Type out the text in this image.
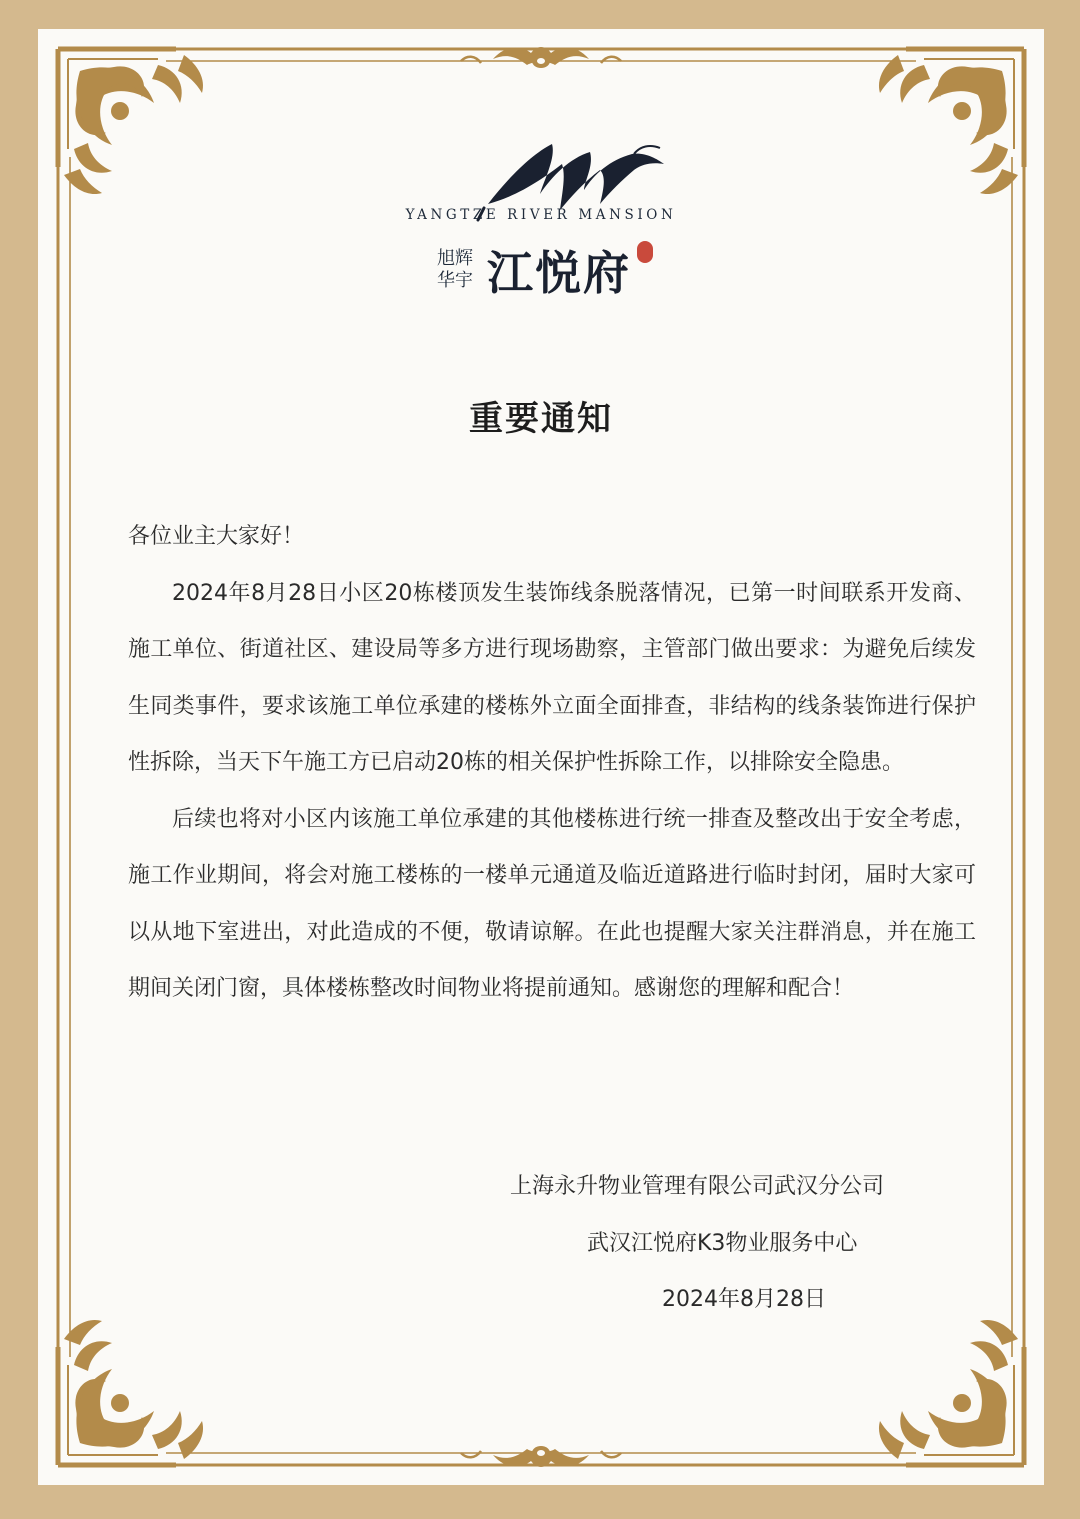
YANGTZE RIVER MANSION
旭辉
华宇 江悦府
重要通知

各位业主大家好！

2024年8月28日小区20栋楼顶发生装饰线条脱落情况，已第一时间联系开发商、施工单位、街道社区、建设局等多方进行现场勘察，主管部门做出要求：为避免后续发生同类事件，要求该施工单位承建的楼栋外立面全面排查，非结构的线条装饰进行保护性拆除，当天下午施工方已启动20栋的相关保护性拆除工作，以排除安全隐患。

后续也将对小区内该施工单位承建的其他楼栋进行统一排查及整改出于安全考虑，施工作业期间，将会对施工楼栋的一楼单元通道及临近道路进行临时封闭，届时大家可以从地下室进出，对此造成的不便，敬请谅解。在此也提醒大家关注群消息，并在施工期间关闭门窗，具体楼栋整改时间物业将提前通知。感谢您的理解和配合！

上海永升物业管理有限公司武汉分公司
武汉江悦府K3物业服务中心
2024年8月28日
